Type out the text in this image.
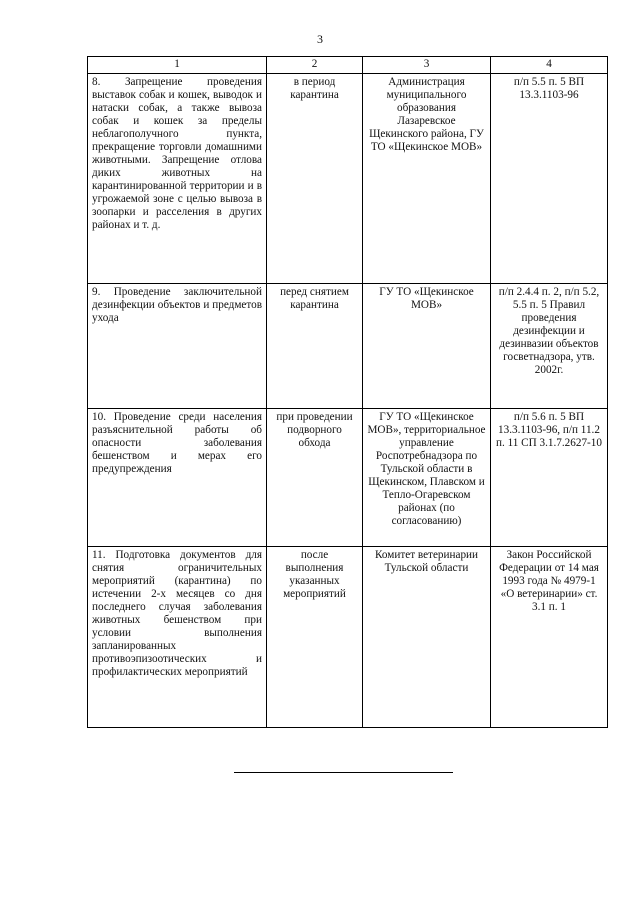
3
1	2	3	4
8. Запрещение проведения выставок собак и кошек, выводок и натаски собак, а также вывоза собак и кошек за пределы неблагополучного пункта, прекращение торговли домашними животными. Запрещение отлова диких животных на карантинированной территории и в угрожаемой зоне с целью вывоза в зоопарки и расселения в других районах и т. д.	в период карантина	Администрация муниципального образования Лазаревское Щекинского района, ГУ ТО «Щекинское МОВ»	п/п 5.5 п. 5 ВП 13.3.1103-96
9. Проведение заключительной дезинфекции объектов и предметов ухода	перед снятием карантина	ГУ ТО «Щекинское МОВ»	п/п 2.4.4 п. 2, п/п 5.2, 5.5 п. 5 Правил проведения дезинфекции и дезинвазии объектов госветнадзора, утв. 2002г.
10. Проведение среди населения разъяснительной работы об опасности заболевания бешенством и мерах его предупреждения	при проведении подворного обхода	ГУ ТО «Щекинское МОВ», территориальное управление Роспотребнадзора по Тульской области в Щекинском, Плавском и Тепло-Огаревском районах (по согласованию)	п/п 5.6 п. 5 ВП 13.3.1103-96, п/п 11.2 п. 11 СП 3.1.7.2627-10
11. Подготовка документов для снятия ограничительных мероприятий (карантина) по истечении 2-х месяцев со дня последнего случая заболевания животных бешенством при условии выполнения запланированных противоэпизоотических и профилактических мероприятий	после выполнения указанных мероприятий	Комитет ветеринарии Тульской области	Закон Российской Федерации от 14 мая 1993 года № 4979-1 «О ветеринарии» ст. 3.1 п. 1
